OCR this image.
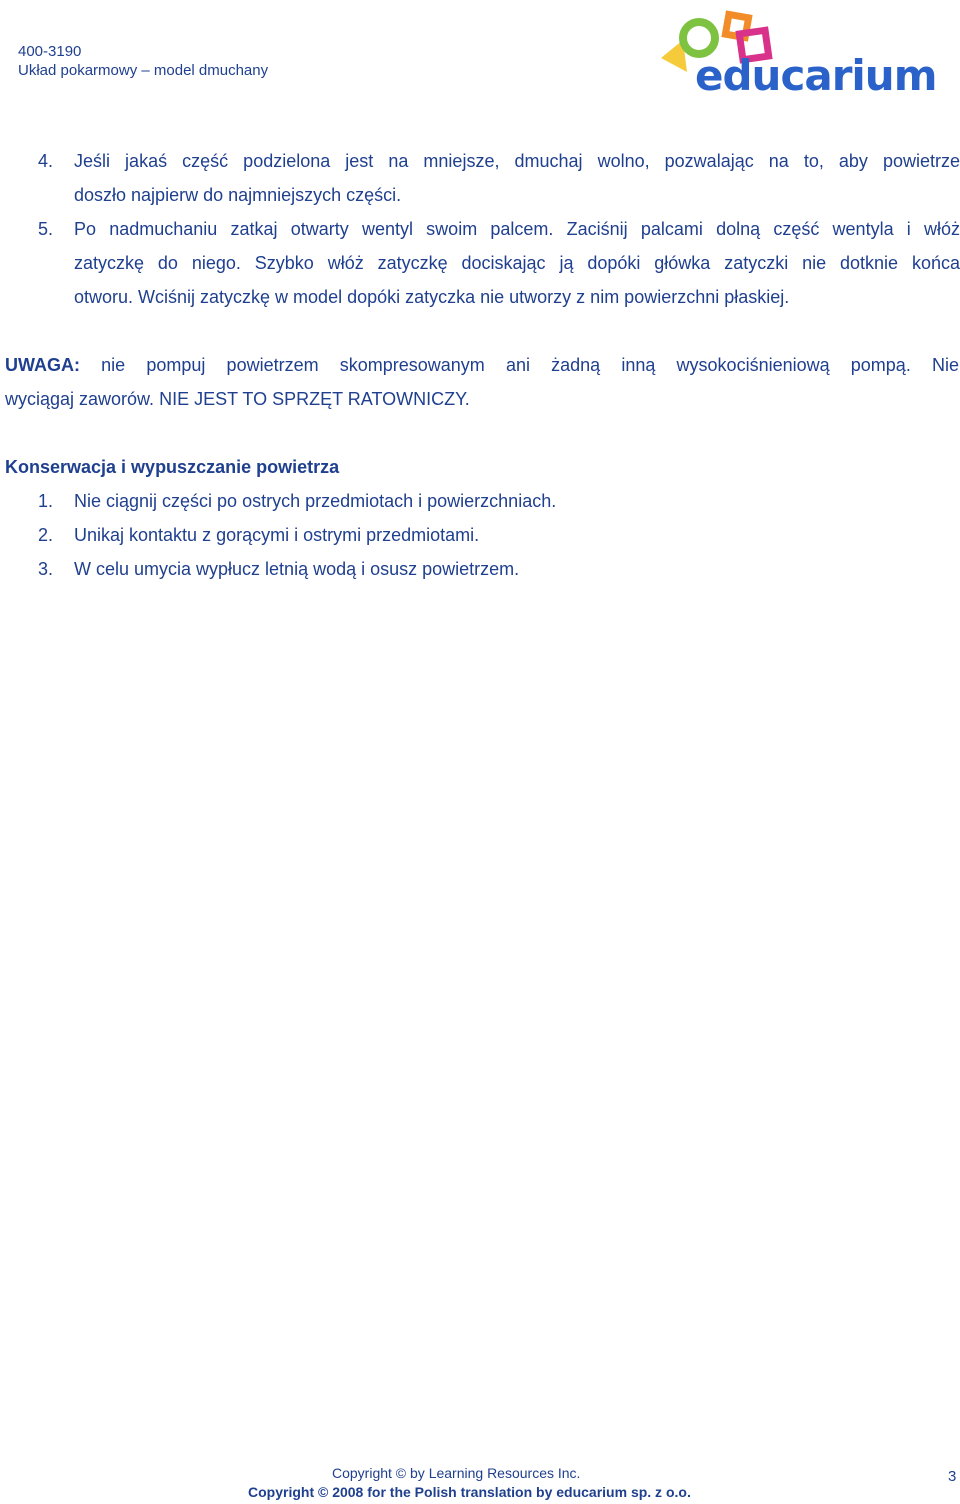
400-3190
Układ pokarmowy – model dmuchany	educarium
4. Jeśli jakaś część podzielona jest na mniejsze, dmuchaj wolno, pozwalając na to, aby powietrze
doszło najpierw do najmniejszych części.
5. Po nadmuchaniu zatkaj otwarty wentyl swoim palcem. Zaciśnij palcami dolną część wentyla i włóż
zatyczkę do niego. Szybko włóż zatyczkę dociskając ją dopóki główka zatyczki nie dotknie końca
otworu. Wciśnij zatyczkę w model dopóki zatyczka nie utworzy z nim powierzchni płaskiej.
UWAGA: nie pompuj powietrzem skompresowanym ani żadną inną wysokociśnieniową pompą. Nie
wyciągaj zaworów. NIE JEST TO SPRZĘT RATOWNICZY.
Konserwacja i wypuszczanie powietrza
1. Nie ciągnij części po ostrych przedmiotach i powierzchniach.
2. Unikaj kontaktu z gorącymi i ostrymi przedmiotami.
3. W celu umycia wypłucz letnią wodą i osusz powietrzem.
Copyright © by Learning Resources Inc.
Copyright © 2008 for the Polish translation by educarium sp. z o.o.
3
